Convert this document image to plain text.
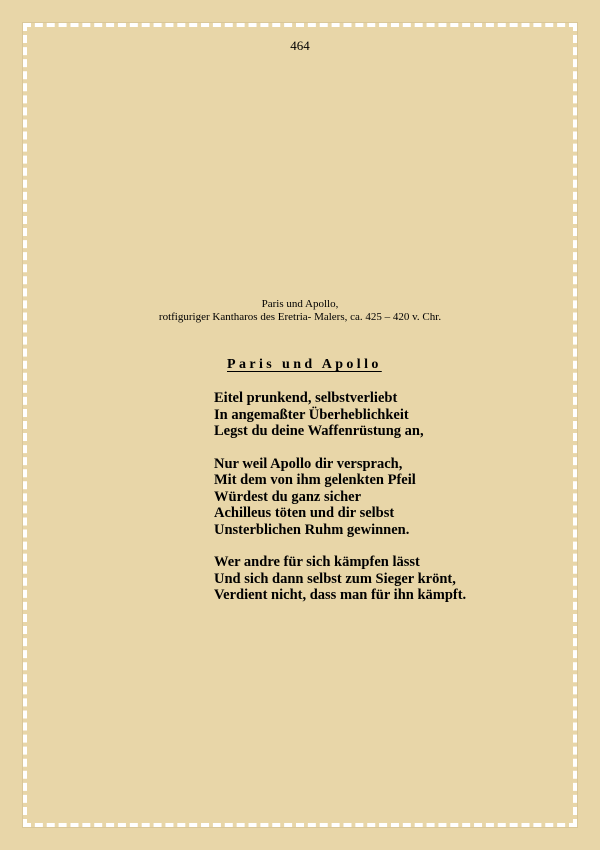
464
Paris und Apollo,
rotfiguriger Kantharos des Eretria- Malers, ca. 425 – 420 v. Chr.
Paris und Apollo
Eitel prunkend, selbstverliebt
In angemaßter Überheblichkeit
Legst du deine Waffenrüstung an,
Nur weil Apollo dir versprach,
Mit dem von ihm gelenkten Pfeil
Würdest du ganz sicher
Achilleus töten und dir selbst
Unsterblichen Ruhm gewinnen.
Wer andre für sich kämpfen lässt
Und sich dann selbst zum Sieger krönt,
Verdient nicht, dass man für ihn kämpft.
